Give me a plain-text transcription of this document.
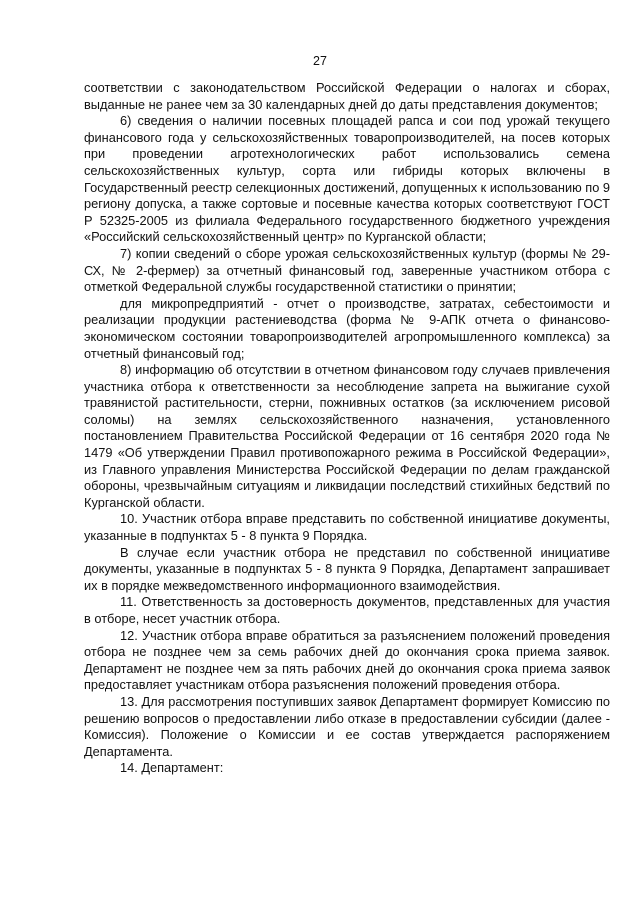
27

соответствии с законодательством Российской Федерации о налогах и сборах, выданные не ранее чем за 30 календарных дней до даты представления документов;

6) сведения о наличии посевных площадей рапса и сои под урожай текущего финансового года у сельскохозяйственных товаропроизводителей, на посев которых при проведении агротехнологических работ использовались семена сельскохозяйственных культур, сорта или гибриды которых включены в Государственный реестр селекционных достижений, допущенных к использованию по 9 региону допуска, а также сортовые и посевные качества которых соответствуют ГОСТ Р 52325-2005 из филиала Федерального государственного бюджетного учреждения «Российский сельскохозяйственный центр» по Курганской области;

7) копии сведений о сборе урожая сельскохозяйственных культур (формы № 29-СХ, № 2-фермер) за отчетный финансовый год, заверенные участником отбора с отметкой Федеральной службы государственной статистики о принятии;

для микропредприятий - отчет о производстве, затратах, себестоимости и реализации продукции растениеводства (форма № 9-АПК отчета о финансово-экономическом состоянии товаропроизводителей агропромышленного комплекса) за отчетный финансовый год;

8) информацию об отсутствии в отчетном финансовом году случаев привлечения участника отбора к ответственности за несоблюдение запрета на выжигание сухой травянистой растительности, стерни, пожнивных остатков (за исключением рисовой соломы) на землях сельскохозяйственного назначения, установленного постановлением Правительства Российской Федерации от 16 сентября 2020 года № 1479 «Об утверждении Правил противопожарного режима в Российской Федерации», из Главного управления Министерства Российской Федерации по делам гражданской обороны, чрезвычайным ситуациям и ликвидации последствий стихийных бедствий по Курганской области.

10. Участник отбора вправе представить по собственной инициативе документы, указанные в подпунктах 5 - 8 пункта 9 Порядка.

В случае если участник отбора не представил по собственной инициативе документы, указанные в подпунктах 5 - 8 пункта 9 Порядка, Департамент запрашивает их в порядке межведомственного информационного взаимодействия.

11. Ответственность за достоверность документов, представленных для участия в отборе, несет участник отбора.

12. Участник отбора вправе обратиться за разъяснением положений проведения отбора не позднее чем за семь рабочих дней до окончания срока приема заявок. Департамент не позднее чем за пять рабочих дней до окончания срока приема заявок предоставляет участникам отбора разъяснения положений проведения отбора.

13. Для рассмотрения поступивших заявок Департамент формирует Комиссию по решению вопросов о предоставлении либо отказе в предоставлении субсидии (далее - Комиссия). Положение о Комиссии и ее состав утверждается распоряжением Департамента.

14. Департамент:
